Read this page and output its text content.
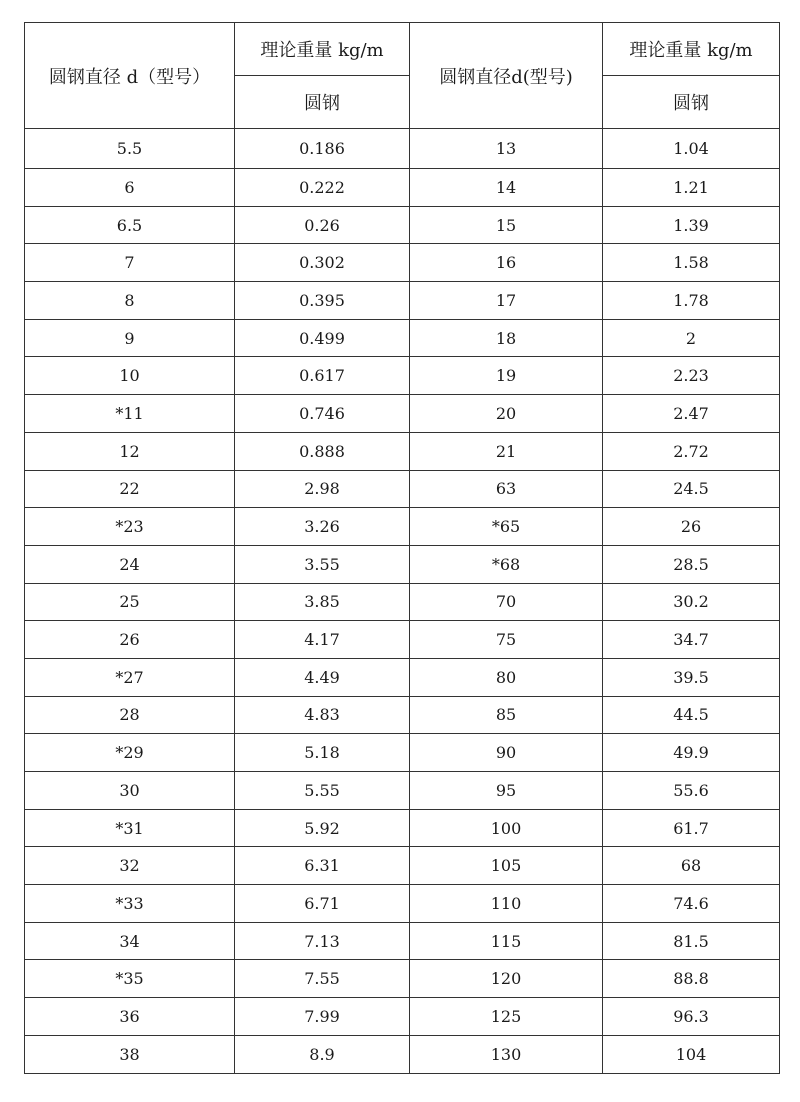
圆钢直径 d（型号）	理论重量 kg/m	圆钢直径d(型号)	理论重量 kg/m
	圆钢		圆钢
5.5	0.186	13	1.04
6	0.222	14	1.21
6.5	0.26	15	1.39
7	0.302	16	1.58
8	0.395	17	1.78
9	0.499	18	2
10	0.617	19	2.23
*11	0.746	20	2.47
12	0.888	21	2.72
22	2.98	63	24.5
*23	3.26	*65	26
24	3.55	*68	28.5
25	3.85	70	30.2
26	4.17	75	34.7
*27	4.49	80	39.5
28	4.83	85	44.5
*29	5.18	90	49.9
30	5.55	95	55.6
*31	5.92	100	61.7
32	6.31	105	68
*33	6.71	110	74.6
34	7.13	115	81.5
*35	7.55	120	88.8
36	7.99	125	96.3
38	8.9	130	104
